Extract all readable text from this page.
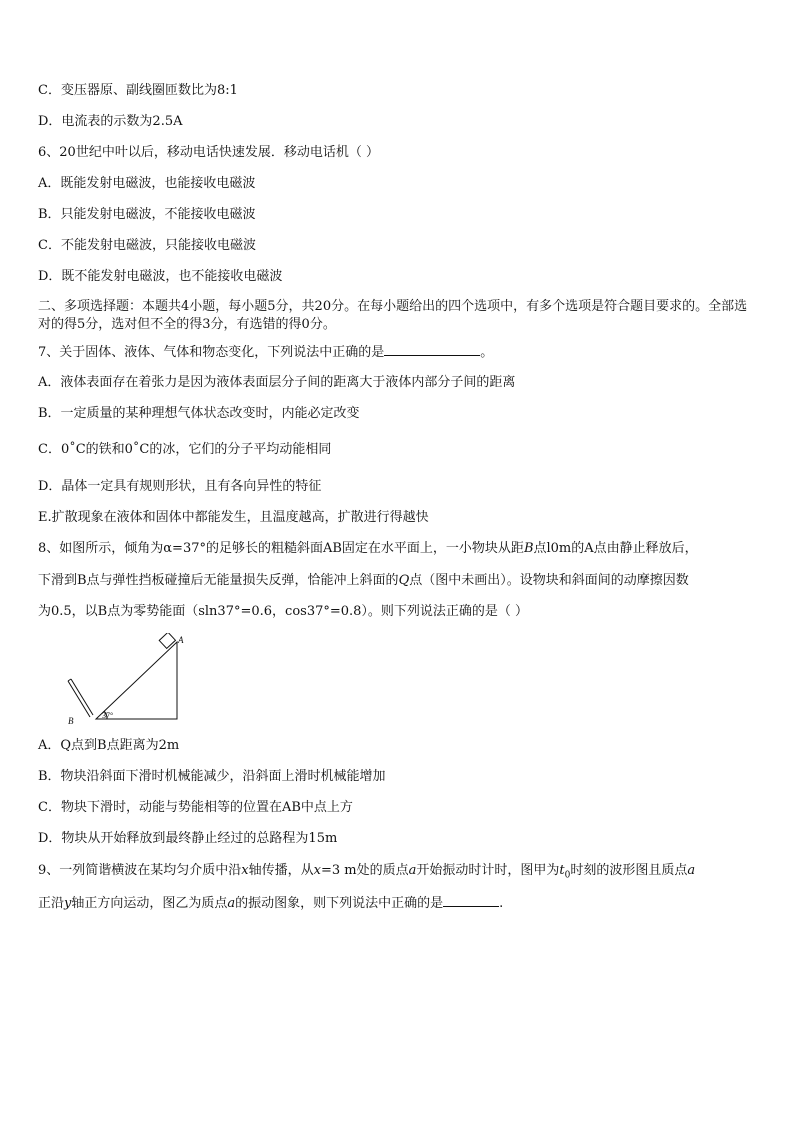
C．变压器原、副线圈匝数比为8:1
D．电流表的示数为2.5A
6、20世纪中叶以后，移动电话快速发展．移动电话机（ ）
A．既能发射电磁波，也能接收电磁波
B．只能发射电磁波，不能接收电磁波
C．不能发射电磁波，只能接收电磁波
D．既不能发射电磁波，也不能接收电磁波
二、多项选择题：本题共4小题，每小题5分，共20分。在每小题给出的四个选项中，有多个选项是符合题目要求的。全部选对的得5分，选对但不全的得3分，有选错的得0分。
7、关于固体、液体、气体和物态变化，下列说法中正确的是	。
A．液体表面存在着张力是因为液体表面层分子间的距离大于液体内部分子间的距离
B．一定质量的某种理想气体状态改变时，内能必定改变
C．0˚C的铁和0˚C的冰，它们的分子平均动能相同
D．晶体一定具有规则形状，且有各向异性的特征
E.扩散现象在液体和固体中都能发生，且温度越高，扩散进行得越快
8、如图所示，倾角为α=37°的足够长的粗糙斜面AB固定在水平面上，一小物块从距B点l0m的A点由静止释放后，
下滑到B点与弹性挡板碰撞后无能量损失反弹，恰能冲上斜面的Q点（图中未画出）。设物块和斜面间的动摩擦因数
为0.5，以B点为零势能面（sln37°=0.6，cos37°=0.8）。则下列说法正确的是（ ）
A
B
37°
A．Q点到B点距离为2m
B．物块沿斜面下滑时机械能减少，沿斜面上滑时机械能增加
C．物块下滑时，动能与势能相等的位置在AB中点上方
D．物块从开始释放到最终静止经过的总路程为15m
9、一列简谐横波在某均匀介质中沿x轴传播，从x=3 m处的质点a开始振动时计时，图甲为$t_0$时刻的波形图且质点a
正沿y轴正方向运动，图乙为质点a的振动图象，则下列说法中正确的是	.
